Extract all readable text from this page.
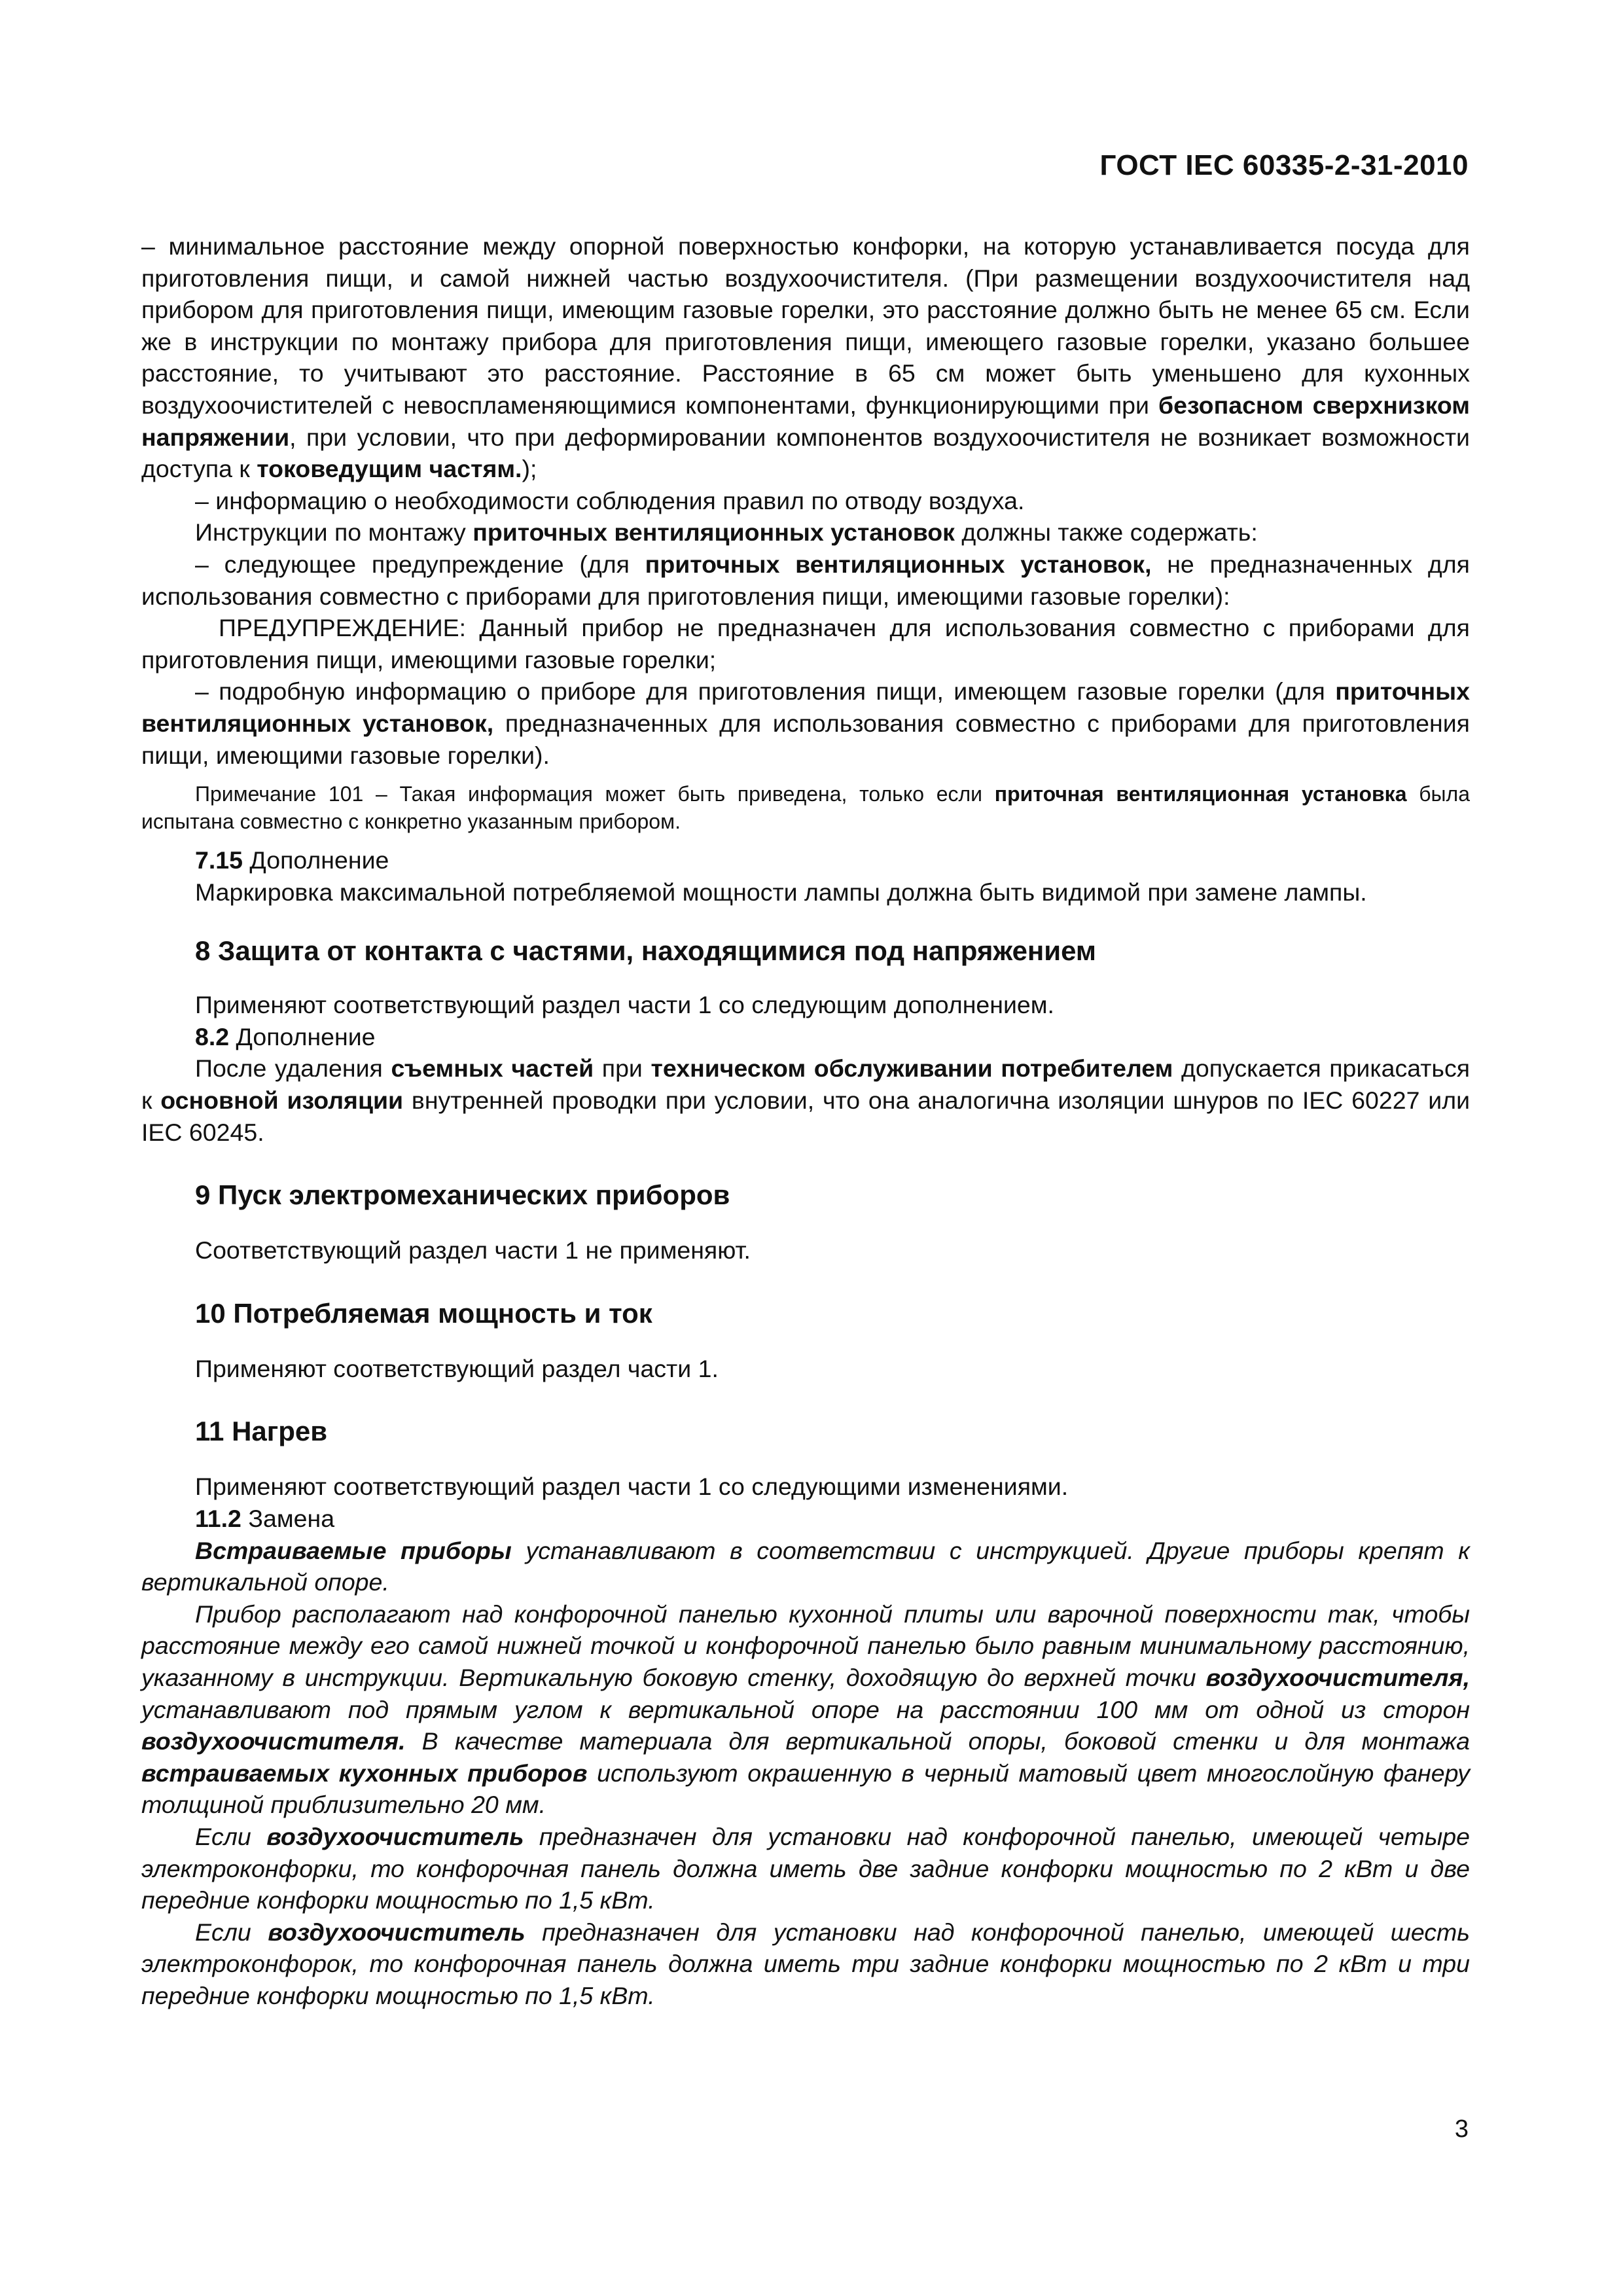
ГОСТ IEC 60335-2-31-2010

– минимальное расстояние между опорной поверхностью конфорки, на которую устанавливается посуда для приготовления пищи, и самой нижней частью воздухоочистителя. (При размещении воздухоочистителя над прибором для приготовления пищи, имеющим газовые горелки, это расстояние должно быть не менее 65 см. Если же в инструкции по монтажу прибора для приготовления пищи, имеющего газовые горелки, указано большее расстояние, то учитывают это расстояние. Расстояние в 65 см может быть уменьшено для кухонных воздухоочистителей с невоспламеняющимися компонентами, функционирующими при безопасном сверхнизком напряжении, при условии, что при деформировании компонентов воздухоочистителя не возникает возможности доступа к токоведущим частям.);

– информацию о необходимости соблюдения правил по отводу воздуха.

Инструкции по монтажу приточных вентиляционных установок должны также содержать:

– следующее предупреждение (для приточных вентиляционных установок, не предназначенных для использования совместно с приборами для приготовления пищи, имеющими газовые горелки):

ПРЕДУПРЕЖДЕНИЕ: Данный прибор не предназначен для использования совместно с приборами для приготовления пищи, имеющими газовые горелки;

– подробную информацию о приборе для приготовления пищи, имеющем газовые горелки (для приточных вентиляционных установок, предназначенных для использования совместно с приборами для приготовления пищи, имеющими газовые горелки).

Примечание 101 – Такая информация может быть приведена, только если приточная вентиляционная установка была испытана совместно с конкретно указанным прибором.

7.15 Дополнение

Маркировка максимальной потребляемой мощности лампы должна быть видимой при замене лампы.

8 Защита от контакта с частями, находящимися под напряжением

Применяют соответствующий раздел части 1 со следующим дополнением.

8.2 Дополнение

После удаления съемных частей при техническом обслуживании потребителем допускается прикасаться к основной изоляции внутренней проводки при условии, что она аналогична изоляции шнуров по IEC 60227 или IEC 60245.

9 Пуск электромеханических приборов

Соответствующий раздел части 1 не применяют.

10 Потребляемая мощность и ток

Применяют соответствующий раздел части 1.

11 Нагрев

Применяют соответствующий раздел части 1 со следующими изменениями.

11.2 Замена

Встраиваемые приборы устанавливают в соответствии с инструкцией. Другие приборы крепят к вертикальной опоре.

Прибор располагают над конфорочной панелью кухонной плиты или варочной поверхности так, чтобы расстояние между его самой нижней точкой и конфорочной панелью было равным минимальному расстоянию, указанному в инструкции. Вертикальную боковую стенку, доходящую до верхней точки воздухоочистителя, устанавливают под прямым углом к вертикальной опоре на расстоянии 100 мм от одной из сторон воздухоочистителя. В качестве материала для вертикальной опоры, боковой стенки и для монтажа встраиваемых кухонных приборов используют окрашенную в черный матовый цвет многослойную фанеру толщиной приблизительно 20 мм.

Если воздухоочиститель предназначен для установки над конфорочной панелью, имеющей четыре электроконфорки, то конфорочная панель должна иметь две задние конфорки мощностью по 2 кВт и две передние конфорки мощностью по 1,5 кВт.

Если воздухоочиститель предназначен для установки над конфорочной панелью, имеющей шесть электроконфорок, то конфорочная панель должна иметь три задние конфорки мощностью по 2 кВт и три передние конфорки мощностью по 1,5 кВт.

3
